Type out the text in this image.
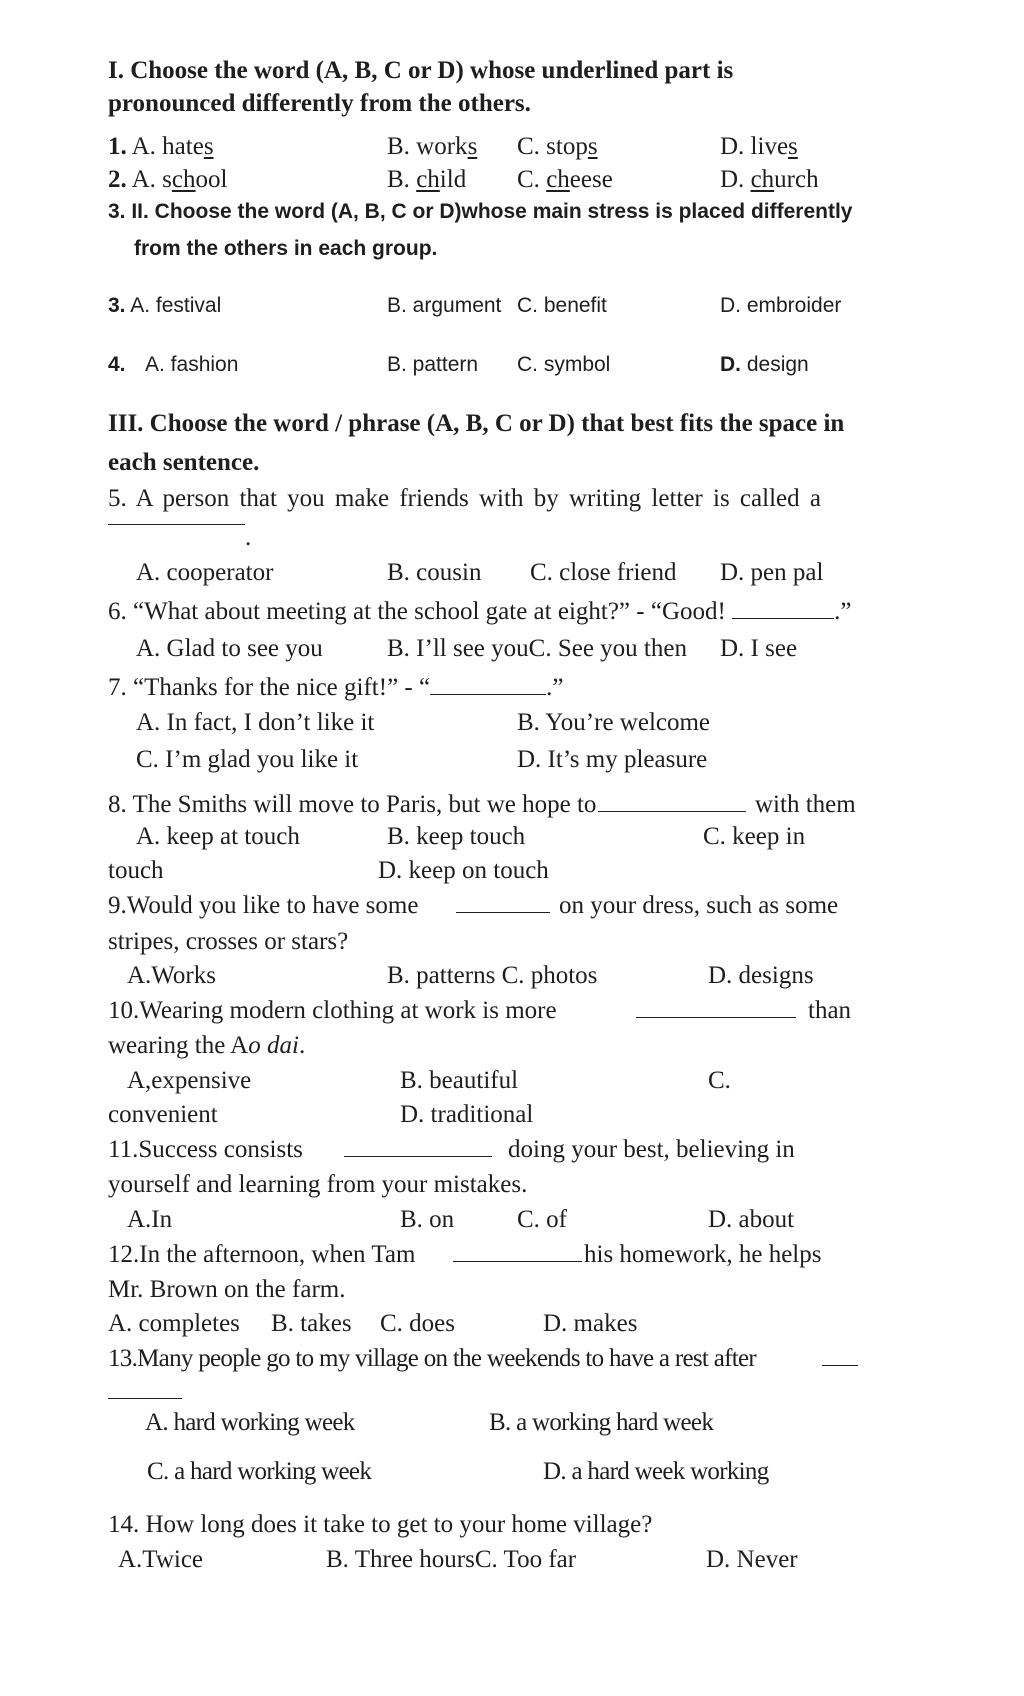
I. Choose the word (A, B, C or D) whose underlined part is
pronounced differently from the others.
1. A. hates	B. works C. stops	D. lives
2. A. school	B. child C. cheese	D. church
3. II. Choose the word (A, B, C or D)whose main stress is placed differently
from the others in each group.
3. A. festival	B. argument C. benefit	D. embroider
4. A. fashion	B. pattern C. symbol	D. design
III. Choose the word / phrase (A, B, C or D) that best fits the space in
each sentence.
5. A person that you make friends with by writing letter is called a
.
A. cooperator	B. cousin C. close friend D. pen pal
6. “What about meeting at the school gate at eight?” - “Good!	.”
A. Glad to see you	B. I’ll see youC. See you then D. I see
7. “Thanks for the nice gift!” - “	.”
A. In fact, I don’t like it	B. You’re welcome
C. I’m glad you like it	D. It’s my pleasure
8. The Smiths will move to Paris, but we hope to	with them
A. keep at touch	B. keep touch	C. keep in
touch	D. keep on touch
9.Would you like to have some	on your dress, such as some
stripes, crosses or stars?
A.Works	B. patterns C. photos	D. designs
10.Wearing modern clothing at work is more	than
wearing the Ao dai.
A,expensive	B. beautiful	C.
convenient	D. traditional
11.Success consists	doing your best, believing in
yourself and learning from your mistakes.
A.In	B. on	C. of	D. about
12.In the afternoon, when Tam	his homework, he helps
Mr. Brown on the farm.
A. completes B. takes C. does	D. makes
13.Many people go to my village on the weekends to have a rest after
A. hard working week	B. a working hard week
C. a hard working week	D. a hard week working
14. How long does it take to get to your home village?
A.Twice	B. Three hoursC. Too far	D. Never
